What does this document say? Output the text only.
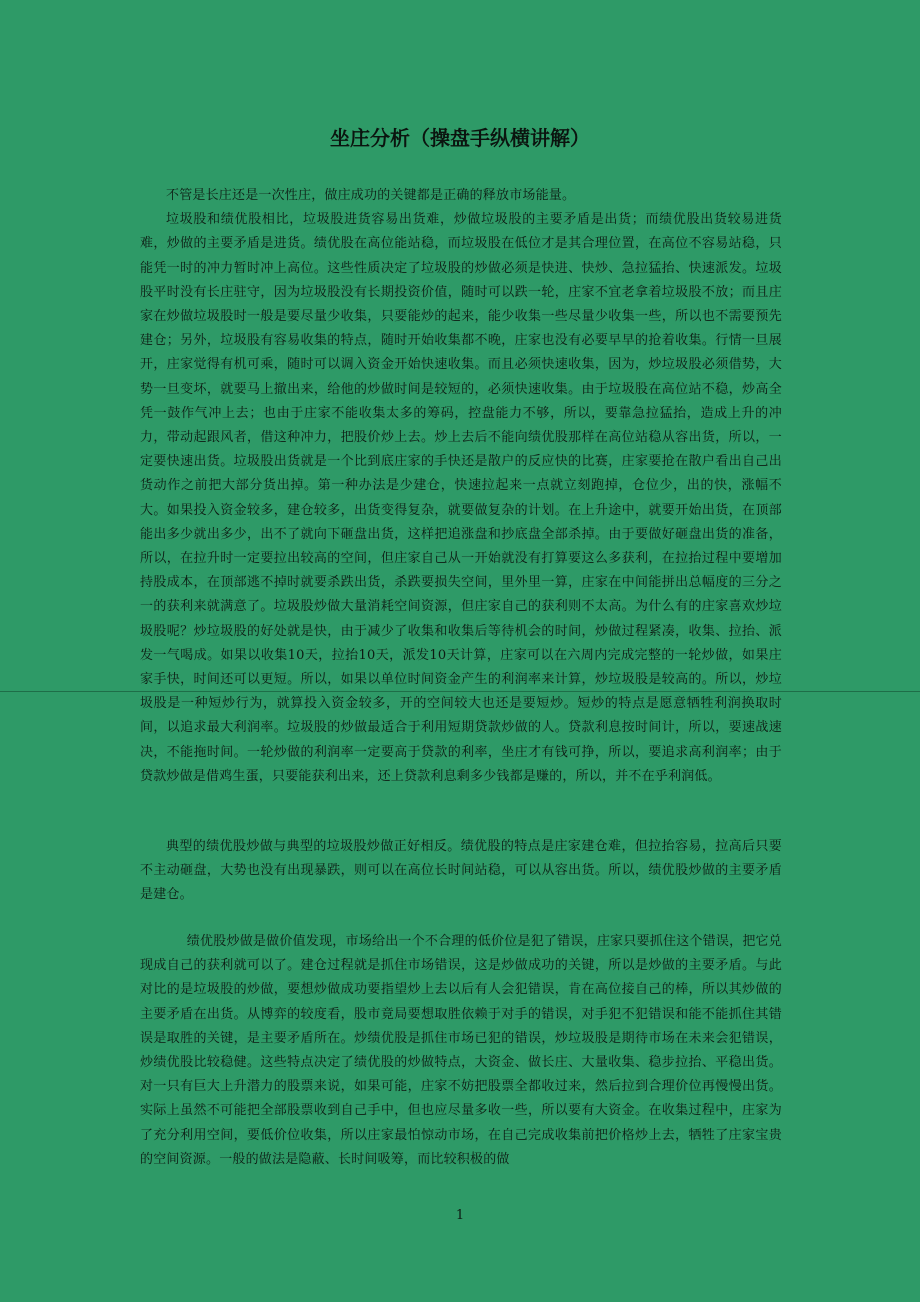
坐庄分析（操盘手纵横讲解）

不管是长庄还是一次性庄，做庄成功的关键都是正确的释放市场能量。

垃圾股和绩优股相比，垃圾股进货容易出货难，炒做垃圾股的主要矛盾是出货；而绩优股出货较易进货难，炒做的主要矛盾是进货。绩优股在高位能站稳，而垃圾股在低位才是其合理位置，在高位不容易站稳，只能凭一时的冲力暂时冲上高位。这些性质决定了垃圾股的炒做必须是快进、快炒、急拉猛抬、快速派发。垃圾股平时没有长庄驻守，因为垃圾股没有长期投资价值，随时可以跌一轮，庄家不宜老拿着垃圾股不放；而且庄家在炒做垃圾股时一般是要尽量少收集，只要能炒的起来，能少收集一些尽量少收集一些，所以也不需要预先建仓；另外，垃圾股有容易收集的特点，随时开始收集都不晚，庄家也没有必要早早的抢着收集。行情一旦展开，庄家觉得有机可乘，随时可以调入资金开始快速收集。而且必须快速收集，因为，炒垃圾股必须借势，大势一旦变坏，就要马上撤出来，给他的炒做时间是较短的，必须快速收集。由于垃圾股在高位站不稳，炒高全凭一鼓作气冲上去；也由于庄家不能收集太多的筹码，控盘能力不够，所以，要靠急拉猛抬，造成上升的冲力，带动起跟风者，借这种冲力，把股价炒上去。炒上去后不能向绩优股那样在高位站稳从容出货，所以，一定要快速出货。垃圾股出货就是一个比到底庄家的手快还是散户的反应快的比赛，庄家要抢在散户看出自己出货动作之前把大部分货出掉。第一种办法是少建仓，快速拉起来一点就立刻跑掉，仓位少，出的快，涨幅不大。如果投入资金较多，建仓较多，出货变得复杂，就要做复杂的计划。在上升途中，就要开始出货，在顶部能出多少就出多少，出不了就向下砸盘出货，这样把追涨盘和抄底盘全部杀掉。由于要做好砸盘出货的准备，所以，在拉升时一定要拉出较高的空间，但庄家自己从一开始就没有打算要这么多获利，在拉抬过程中要增加持股成本，在顶部逃不掉时就要杀跌出货，杀跌要损失空间，里外里一算，庄家在中间能拼出总幅度的三分之一的获利来就满意了。垃圾股炒做大量消耗空间资源，但庄家自己的获利则不太高。为什么有的庄家喜欢炒垃圾股呢？炒垃圾股的好处就是快，由于减少了收集和收集后等待机会的时间，炒做过程紧凑，收集、拉抬、派发一气喝成。如果以收集10天，拉抬10天，派发10天计算，庄家可以在六周内完成完整的一轮炒做，如果庄家手快，时间还可以更短。所以，如果以单位时间资金产生的利润率来计算，炒垃圾股是较高的。所以，炒垃圾股是一种短炒行为，就算投入资金较多，开的空间较大也还是要短炒。短炒的特点是愿意牺牲利润换取时间，以追求最大利润率。垃圾股的炒做最适合于利用短期贷款炒做的人。贷款利息按时间计，所以，要速战速决，不能拖时间。一轮炒做的利润率一定要高于贷款的利率，坐庄才有钱可挣，所以，要追求高利润率；由于贷款炒做是借鸡生蛋，只要能获利出来，还上贷款利息剩多少钱都是赚的，所以，并不在乎利润低。

典型的绩优股炒做与典型的垃圾股炒做正好相反。绩优股的特点是庄家建仓难，但拉抬容易，拉高后只要不主动砸盘，大势也没有出现暴跌，则可以在高位长时间站稳，可以从容出货。所以，绩优股炒做的主要矛盾是建仓。

绩优股炒做是做价值发现，市场给出一个不合理的低价位是犯了错误，庄家只要抓住这个错误，把它兑现成自己的获利就可以了。建仓过程就是抓住市场错误，这是炒做成功的关键，所以是炒做的主要矛盾。与此对比的是垃圾股的炒做，要想炒做成功要指望炒上去以后有人会犯错误，肯在高位接自己的棒，所以其炒做的主要矛盾在出货。从博弈的较度看，股市竟局要想取胜依赖于对手的错误，对手犯不犯错误和能不能抓住其错误是取胜的关键，是主要矛盾所在。炒绩优股是抓住市场已犯的错误，炒垃圾股是期待市场在未来会犯错误，炒绩优股比较稳健。这些特点决定了绩优股的炒做特点，大资金、做长庄、大量收集、稳步拉抬、平稳出货。对一只有巨大上升潜力的股票来说，如果可能，庄家不妨把股票全都收过来，然后拉到合理价位再慢慢出货。实际上虽然不可能把全部股票收到自己手中，但也应尽量多收一些，所以要有大资金。在收集过程中，庄家为了充分利用空间，要低价位收集，所以庄家最怕惊动市场，在自己完成收集前把价格炒上去，牺牲了庄家宝贵的空间资源。一般的做法是隐蔽、长时间吸筹，而比较积极的做

1
